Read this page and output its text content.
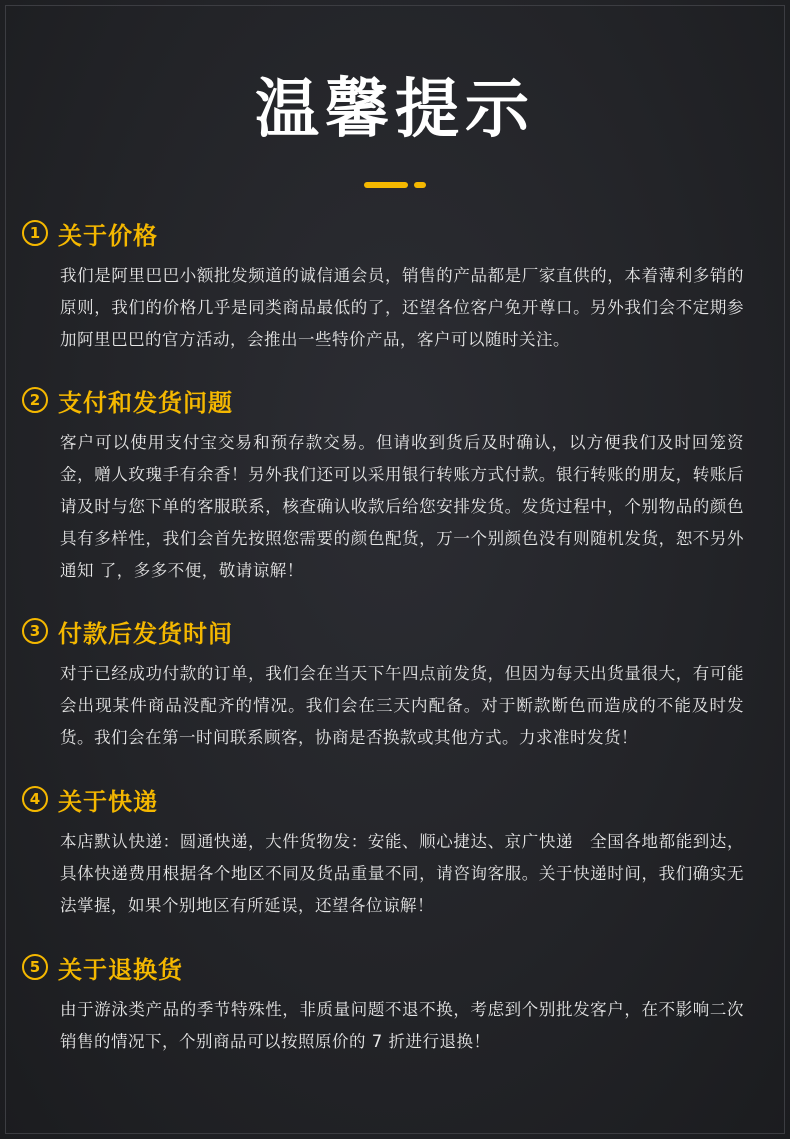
温馨提示
1 关于价格
我们是阿里巴巴小额批发频道的诚信通会员，销售的产品都是厂家直供的，本着薄利多销的原则，我们的价格几乎是同类商品最低的了，还望各位客户免开尊口。另外我们会不定期参加阿里巴巴的官方活动，会推出一些特价产品，客户可以随时关注。
2 支付和发货问题
客户可以使用支付宝交易和预存款交易。但请收到货后及时确认，以方便我们及时回笼资金，赠人玫瑰手有余香！另外我们还可以采用银行转账方式付款。银行转账的朋友，转账后请及时与您下单的客服联系，核查确认收款后给您安排发货。发货过程中，个别物品的颜色具有多样性，我们会首先按照您需要的颜色配货，万一个别颜色没有则随机发货，恕不另外通知 了，多多不便，敬请谅解！
3 付款后发货时间
对于已经成功付款的订单，我们会在当天下午四点前发货，但因为每天出货量很大，有可能会出现某件商品没配齐的情况。我们会在三天内配备。对于断款断色而造成的不能及时发货。我们会在第一时间联系顾客，协商是否换款或其他方式。力求准时发货！
4 关于快递
本店默认快递：圆通快递，大件货物发：安能、顺心捷达、京广快递　全国各地都能到达，具体快递费用根据各个地区不同及货品重量不同，请咨询客服。关于快递时间，我们确实无法掌握，如果个别地区有所延误，还望各位谅解！
5 关于退换货
由于游泳类产品的季节特殊性，非质量问题不退不换，考虑到个别批发客户，在不影响二次销售的情况下，个别商品可以按照原价的 7 折进行退换！
